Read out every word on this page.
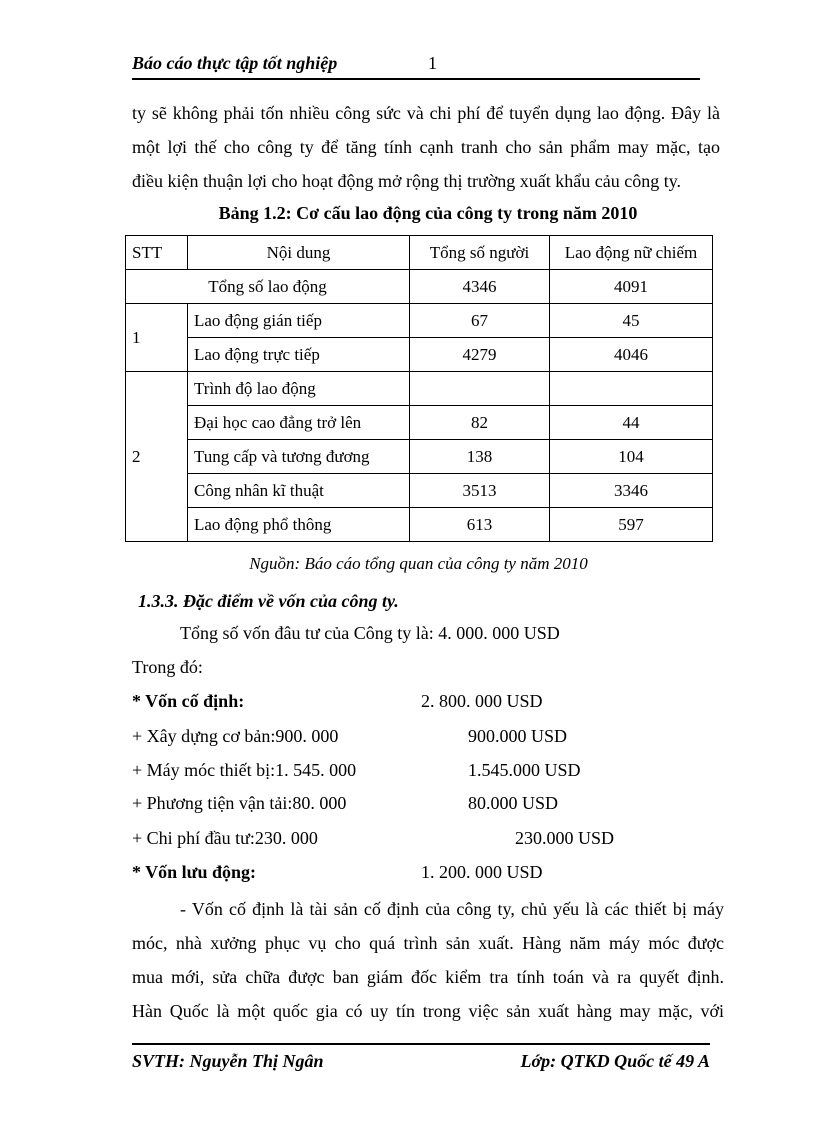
Báo cáo thực tập tốt nghiệp	1
ty sẽ không phải tốn nhiều công sức và chi phí để tuyển dụng lao động. Đây là
một lợi thế cho công ty để tăng tính cạnh tranh cho sản phẩm may mặc, tạo
điều kiện thuận lợi cho hoạt động mở rộng thị trường xuất khẩu cảu công ty.
Bảng 1.2: Cơ cấu lao động của công ty trong năm 2010
STT	Nội dung	Tổng số người	Lao động nữ chiếm
Tổng số lao động		4346	4091
1	Lao động gián tiếp	67	45
	Lao động trực tiếp	4279	4046
2	Trình độ lao động		
	Đại học cao đẳng trở lên	82	44
	Tung cấp và tương đương	138	104
	Công nhân kĩ thuật	3513	3346
	Lao động phổ thông	613	597
Nguồn: Báo cáo tổng quan của công ty năm 2010
1.3.3. Đặc điểm về vốn của công ty.
Tổng số vốn đâu tư của Công ty là: 4. 000. 000 USD
Trong đó:
* Vốn cố định:	2. 800. 000 USD
+ Xây dựng cơ bản:900. 000	900.000 USD
+ Máy móc thiết bị:1. 545. 000	1.545.000 USD
+ Phương tiện vận tải:80. 000	80.000 USD
+ Chi phí đầu tư:230. 000	230.000 USD
* Vốn lưu động:	1. 200. 000 USD
- Vốn cố định là tài sản cố định của công ty, chủ yếu là các thiết bị máy
móc, nhà xưởng phục vụ cho quá trình sản xuất. Hàng năm máy móc được
mua mới, sửa chữa được ban giám đốc kiểm tra tính toán và ra quyết định.
Hàn Quốc là một quốc gia có uy tín trong việc sản xuất hàng may mặc, với
SVTH: Nguyễn Thị Ngân	Lớp: QTKD Quốc tế 49 A
